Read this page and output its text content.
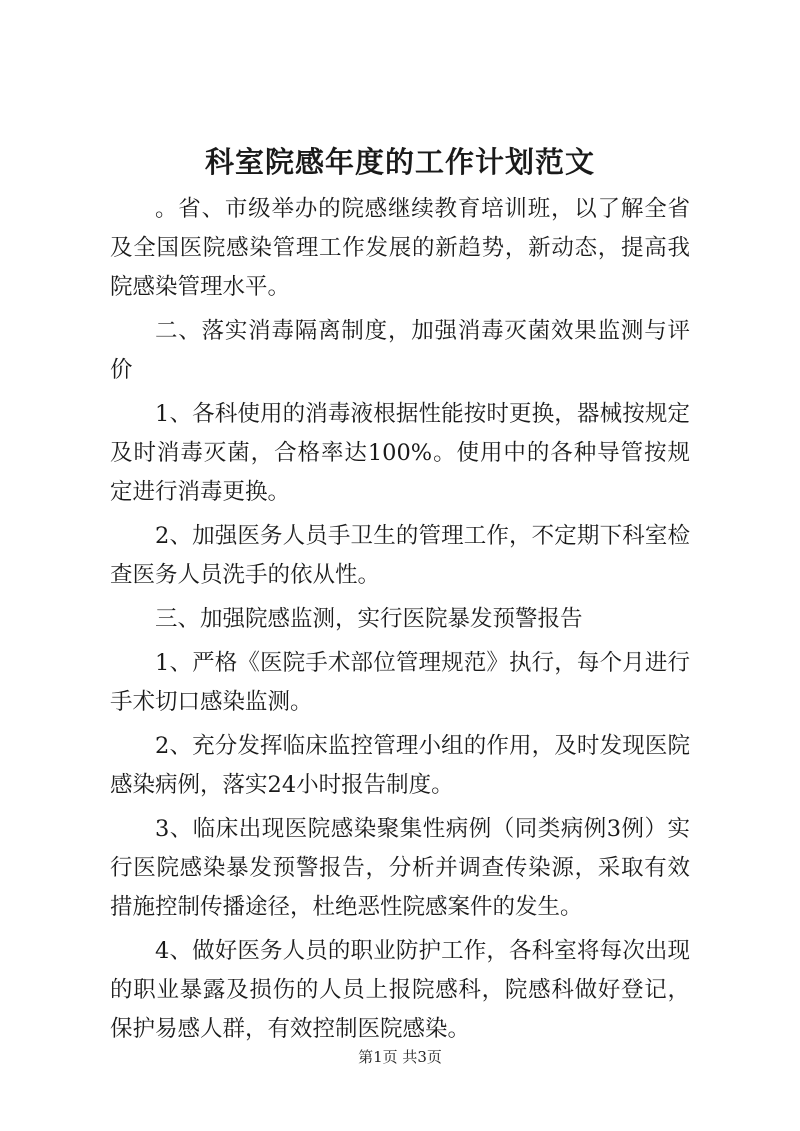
科室院感年度的工作计划范文

。省、市级举办的院感继续教育培训班，以了解全省及全国医院感染管理工作发展的新趋势，新动态，提高我院感染管理水平。

二、落实消毒隔离制度，加强消毒灭菌效果监测与评价

1、各科使用的消毒液根据性能按时更换，器械按规定及时消毒灭菌，合格率达100%。使用中的各种导管按规定进行消毒更换。

2、加强医务人员手卫生的管理工作，不定期下科室检查医务人员洗手的依从性。

三、加强院感监测，实行医院暴发预警报告

1、严格《医院手术部位管理规范》执行，每个月进行手术切口感染监测。

2、充分发挥临床监控管理小组的作用，及时发现医院感染病例，落实24小时报告制度。

3、临床出现医院感染聚集性病例（同类病例3例）实行医院感染暴发预警报告，分析并调查传染源，采取有效措施控制传播途径，杜绝恶性院感案件的发生。

4、做好医务人员的职业防护工作，各科室将每次出现的职业暴露及损伤的人员上报院感科，院感科做好登记，保护易感人群，有效控制医院感染。

第1页 共3页
